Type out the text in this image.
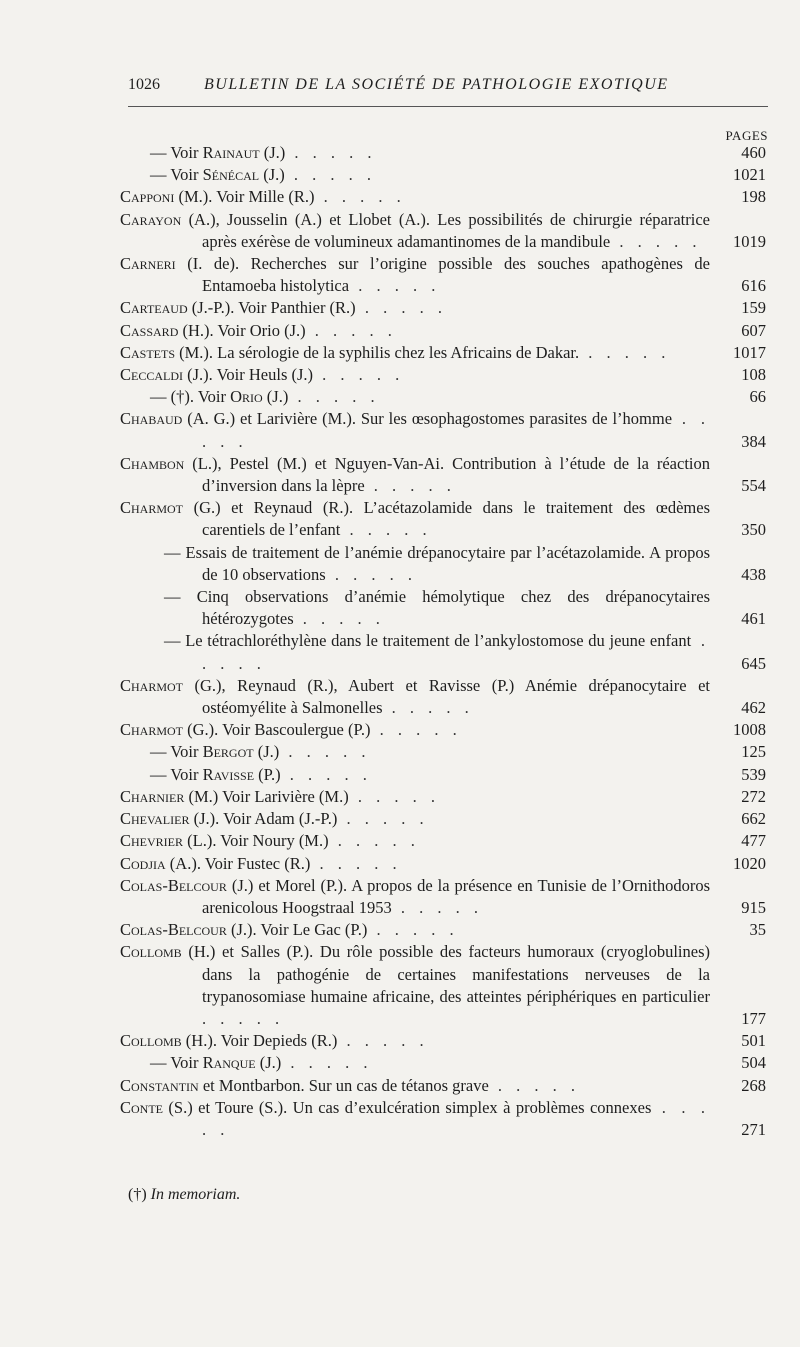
1026	BULLETIN DE LA SOCIÉTÉ DE PATHOLOGIE EXOTIQUE
PAGES
— Voir Rainaut (J.) . . . . .	460
— Voir Sénécal (J.) . . . . .	1021
Capponi (M.). Voir Mille (R.) . . . . .	198
Carayon (A.), Jousselin (A.) et Llobet (A.). Les possibilités de chirurgie réparatrice après exérèse de volumineux adamantinomes de la mandibule . . . . .	1019
Carneri (I. de). Recherches sur l’origine possible des souches apathogènes de Entamoeba histolytica . . . . .	616
Carteaud (J.-P.). Voir Panthier (R.) . . . . .	159
Cassard (H.). Voir Orio (J.) . . . . .	607
Castets (M.). La sérologie de la syphilis chez les Africains de Dakar. . . . . .	1017
Ceccaldi (J.). Voir Heuls (J.) . . . . .	108
— (†). Voir Orio (J.) . . . . .	66
Chabaud (A. G.) et Larivière (M.). Sur les œsophagostomes parasites de l’homme . . . . .	384
Chambon (L.), Pestel (M.) et Nguyen-Van-Ai. Contribution à l’étude de la réaction d’inversion dans la lèpre . . . . .	554
Charmot (G.) et Reynaud (R.). L’acétazolamide dans le traitement des œdèmes carentiels de l’enfant . . . . .	350
— Essais de traitement de l’anémie drépanocytaire par l’acétazolamide. A propos de 10 observations . . . . .	438
— Cinq observations d’anémie hémolytique chez des drépanocytaires hétérozygotes . . . . .	461
— Le tétrachloréthylène dans le traitement de l’ankylostomose du jeune enfant . . . . .	645
Charmot (G.), Reynaud (R.), Aubert et Ravisse (P.) Anémie drépanocytaire et ostéomyélite à Salmonelles . . . . .	462
Charmot (G.). Voir Bascoulergue (P.) . . . . .	1008
— Voir Bergot (J.) . . . . .	125
— Voir Ravisse (P.) . . . . .	539
Charnier (M.) Voir Larivière (M.) . . . . .	272
Chevalier (J.). Voir Adam (J.-P.) . . . . .	662
Chevrier (L.). Voir Noury (M.) . . . . .	477
Codjia (A.). Voir Fustec (R.) . . . . .	1020
Colas-Belcour (J.) et Morel (P.). A propos de la présence en Tunisie de l’Ornithodoros arenicolous Hoogstraal 1953 . . . . .	915
Colas-Belcour (J.). Voir Le Gac (P.) . . . . .	35
Collomb (H.) et Salles (P.). Du rôle possible des facteurs humoraux (cryoglobulines) dans la pathogénie de certaines manifestations nerveuses de la trypanosomiase humaine africaine, des atteintes périphériques en particulier . . . . .	177
Collomb (H.). Voir Depieds (R.) . . . . .	501
— Voir Ranque (J.) . . . . .	504
Constantin et Montbarbon. Sur un cas de tétanos grave . . . . .	268
Conte (S.) et Toure (S.). Un cas d’exulcération simplex à problèmes connexes . . . . .	271
(†) In memoriam.
